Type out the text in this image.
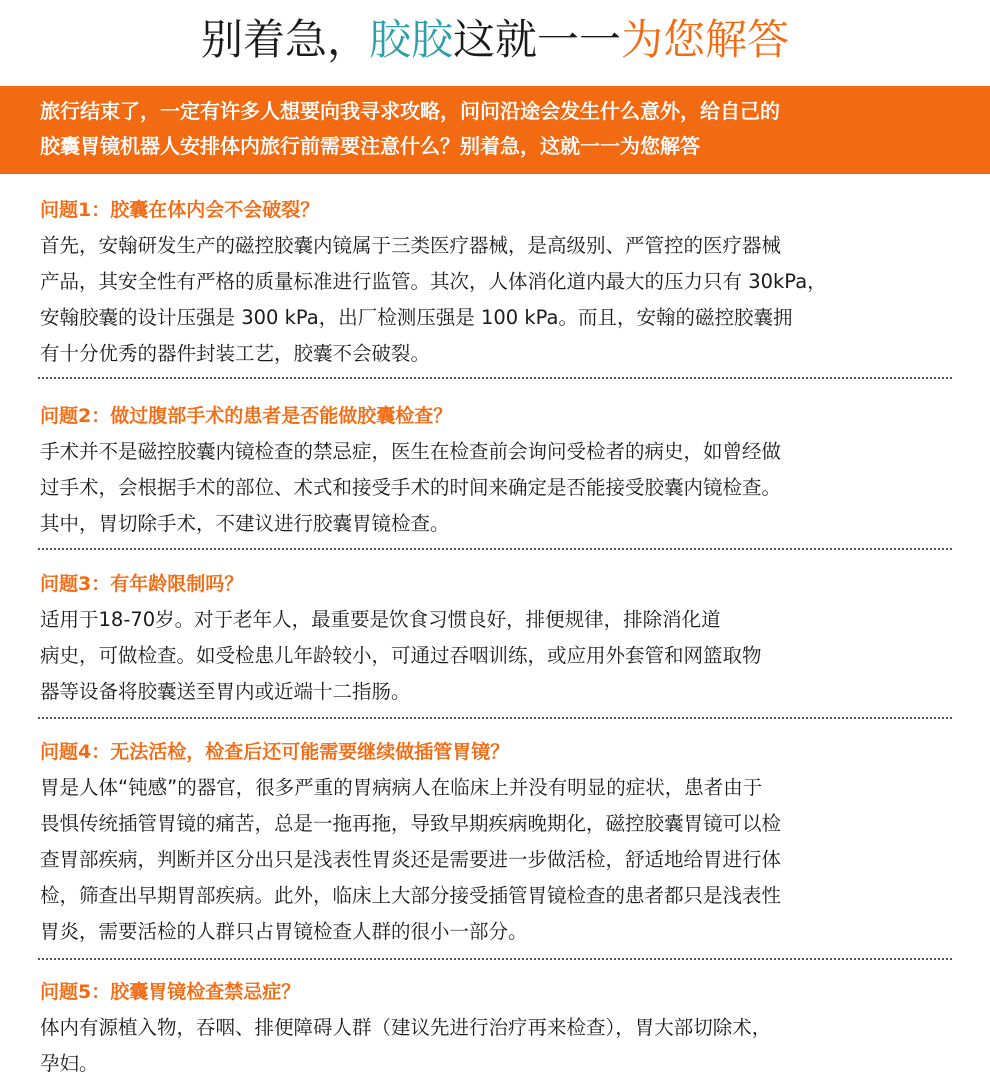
别着急，胶胶这就一一为您解答

旅行结束了，一定有许多人想要向我寻求攻略，问问沿途会发生什么意外，给自己的

胶囊胃镜机器人安排体内旅行前需要注意什么？别着急，这就一一为您解答

问题1：胶囊在体内会不会破裂？

首先，安翰研发生产的磁控胶囊内镜属于三类医疗器械，是高级别、严管控的医疗器械

产品，其安全性有严格的质量标准进行监管。其次，人体消化道内最大的压力只有 30kPa，

安翰胶囊的设计压强是 300 kPa，出厂检测压强是 100 kPa。而且，安翰的磁控胶囊拥

有十分优秀的器件封装工艺，胶囊不会破裂。

问题2：做过腹部手术的患者是否能做胶囊检查？

手术并不是磁控胶囊内镜检查的禁忌症，医生在检查前会询问受检者的病史，如曾经做

过手术，会根据手术的部位、术式和接受手术的时间来确定是否能接受胶囊内镜检查。

其中，胃切除手术，不建议进行胶囊胃镜检查。

问题3：有年龄限制吗？

适用于18-70岁。对于老年人，最重要是饮食习惯良好，排便规律，排除消化道

病史，可做检查。如受检患儿年龄较小，可通过吞咽训练，或应用外套管和网篮取物

器等设备将胶囊送至胃内或近端十二指肠。

问题4：无法活检，检查后还可能需要继续做插管胃镜？

胃是人体“钝感”的器官，很多严重的胃病病人在临床上并没有明显的症状，患者由于

畏惧传统插管胃镜的痛苦，总是一拖再拖，导致早期疾病晚期化，磁控胶囊胃镜可以检

查胃部疾病，判断并区分出只是浅表性胃炎还是需要进一步做活检，舒适地给胃进行体

检，筛查出早期胃部疾病。此外，临床上大部分接受插管胃镜检查的患者都只是浅表性

胃炎，需要活检的人群只占胃镜检查人群的很小一部分。

问题5：胶囊胃镜检查禁忌症？

体内有源植入物，吞咽、排便障碍人群（建议先进行治疗再来检查），胃大部切除术，

孕妇。
